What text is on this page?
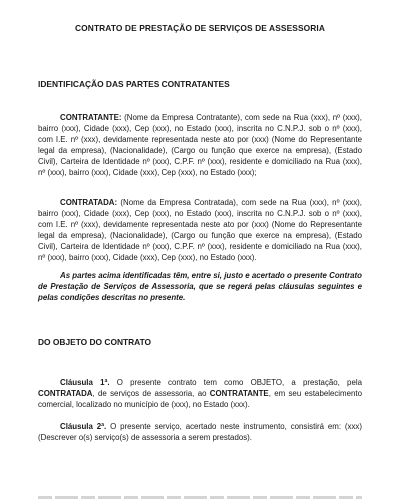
CONTRATO DE PRESTAÇÃO DE SERVIÇOS DE ASSESSORIA
IDENTIFICAÇÃO DAS PARTES CONTRATANTES

CONTRATANTE: (Nome da Empresa Contratante), com sede na Rua (xxx), nº (xxx), bairro (xxx), Cidade (xxx), Cep (xxx), no Estado (xxx), inscrita no C.N.P.J. sob o nº (xxx), com I.E. nº (xxx), devidamente representada neste ato por (xxx) (Nome do Representante legal da empresa), (Nacionalidade), (Cargo ou função que exerce na empresa), (Estado Civil), Carteira de Identidade nº (xxx), C.P.F. nº (xxx), residente e domiciliado na Rua (xxx), nº (xxx), bairro (xxx), Cidade (xxx), Cep (xxx), no Estado (xxx);

CONTRATADA: (Nome da Empresa Contratada), com sede na Rua (xxx), nº (xxx), bairro (xxx), Cidade (xxx), Cep (xxx), no Estado (xxx), inscrita no C.N.P.J. sob o nº (xxx), com I.E. nº (xxx), devidamente representada neste ato por (xxx) (Nome do Representante legal da empresa), (Nacionalidade), (Cargo ou função que exerce na empresa), (Estado Civil), Carteira de Identidade nº (xxx), C.P.F. nº (xxx), residente e domiciliado na Rua (xxx), nº (xxx), bairro (xxx), Cidade (xxx), Cep (xxx), no Estado (xxx).

As partes acima identificadas têm, entre si, justo e acertado o presente Contrato de Prestação de Serviços de Assessoria, que se regerá pelas cláusulas seguintes e pelas condições descritas no presente.

DO OBJETO DO CONTRATO

Cláusula 1ª. O presente contrato tem como OBJETO, a prestação, pela CONTRATADA, de serviços de assessoria, ao CONTRATANTE, em seu estabelecimento comercial, localizado no município de (xxx), no Estado (xxx).

Cláusula 2ª. O presente serviço, acertado neste instrumento, consistirá em: (xxx) (Descrever o(s) serviço(s) de assessoria a serem prestados).
